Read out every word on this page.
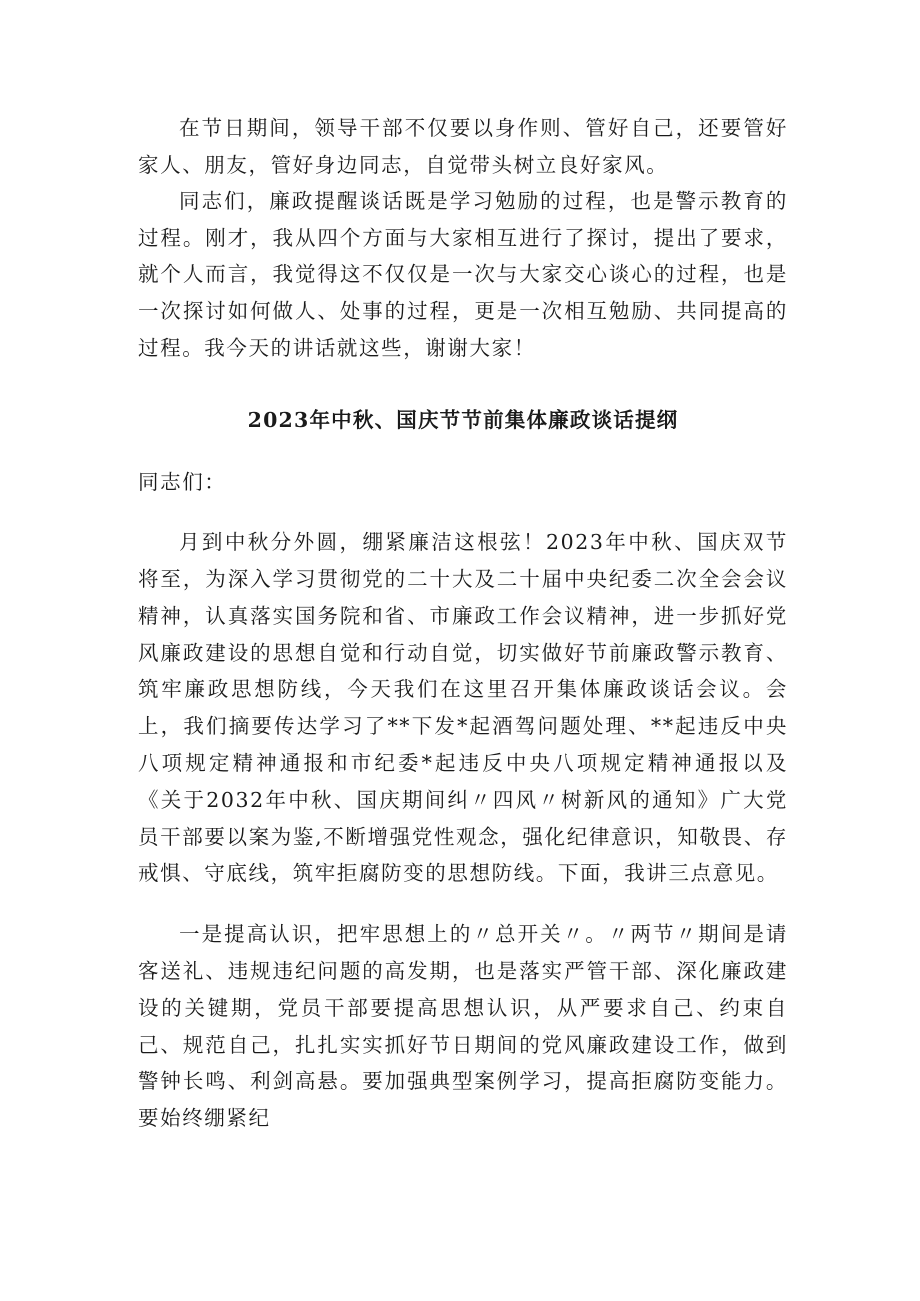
在节日期间，领导干部不仅要以身作则、管好自己，还要管好家人、朋友，管好身边同志，自觉带头树立良好家风。

同志们，廉政提醒谈话既是学习勉励的过程，也是警示教育的过程。刚才，我从四个方面与大家相互进行了探讨，提出了要求，就个人而言，我觉得这不仅仅是一次与大家交心谈心的过程，也是一次探讨如何做人、处事的过程，更是一次相互勉励、共同提高的过程。我今天的讲话就这些，谢谢大家！

2023年中秋、国庆节节前集体廉政谈话提纲

同志们：

月到中秋分外圆，绷紧廉洁这根弦！2023年中秋、国庆双节将至，为深入学习贯彻党的二十大及二十届中央纪委二次全会会议精神，认真落实国务院和省、市廉政工作会议精神，进一步抓好党风廉政建设的思想自觉和行动自觉，切实做好节前廉政警示教育、筑牢廉政思想防线，今天我们在这里召开集体廉政谈话会议。会上，我们摘要传达学习了**下发*起酒驾问题处理、**起违反中央八项规定精神通报和市纪委*起违反中央八项规定精神通报以及《关于2032年中秋、国庆期间纠〃四风〃树新风的通知》广大党员干部要以案为鉴,不断增强党性观念，强化纪律意识，知敬畏、存戒惧、守底线，筑牢拒腐防变的思想防线。下面，我讲三点意见。

一是提高认识，把牢思想上的〃总开关〃。〃两节〃期间是请客送礼、违规违纪问题的高发期，也是落实严管干部、深化廉政建设的关键期，党员干部要提高思想认识，从严要求自己、约束自己、规范自己，扎扎实实抓好节日期间的党风廉政建设工作，做到警钟长鸣、利剑高悬。要加强典型案例学习，提高拒腐防变能力。要始终绷紧纪
